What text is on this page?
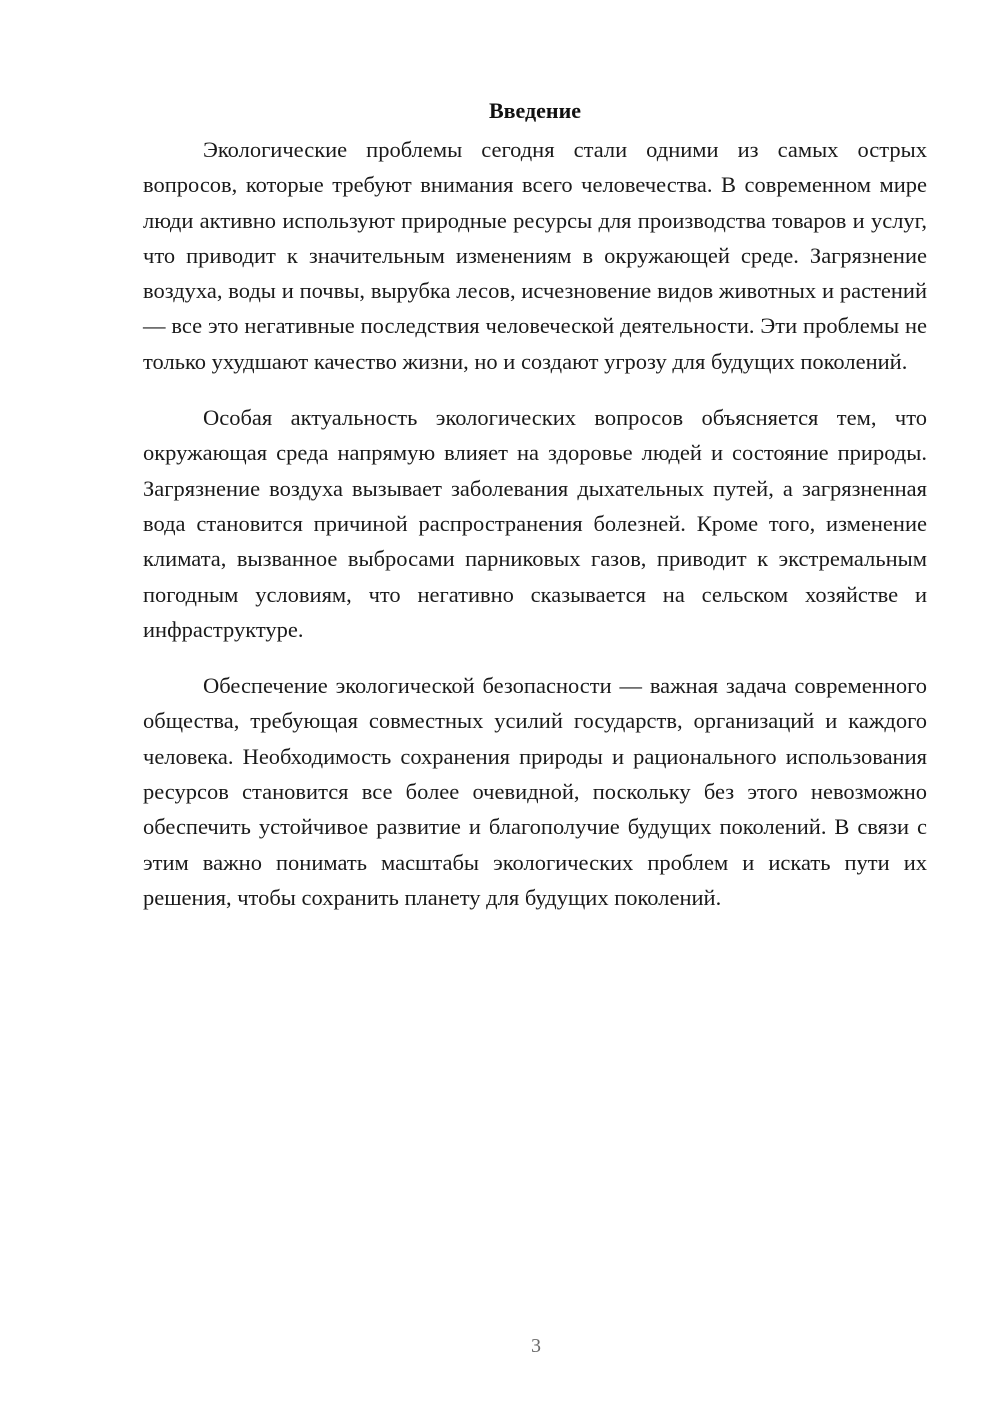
Введение

Экологические проблемы сегодня стали одними из самых острых вопросов, которые требуют внимания всего человечества. В современном мире люди активно используют природные ресурсы для производства товаров и услуг, что приводит к значительным изменениям в окружающей среде. Загрязнение воздуха, воды и почвы, вырубка лесов, исчезновение видов животных и растений — все это негативные последствия человеческой деятельности. Эти проблемы не только ухудшают качество жизни, но и создают угрозу для будущих поколений.

Особая актуальность экологических вопросов объясняется тем, что окружающая среда напрямую влияет на здоровье людей и состояние природы. Загрязнение воздуха вызывает заболевания дыхательных путей, а загрязненная вода становится причиной распространения болезней. Кроме того, изменение климата, вызванное выбросами парниковых газов, приводит к экстремальным погодным условиям, что негативно сказывается на сельском хозяйстве и инфраструктуре.

Обеспечение экологической безопасности — важная задача современного общества, требующая совместных усилий государств, организаций и каждого человека. Необходимость сохранения природы и рационального использования ресурсов становится все более очевидной, поскольку без этого невозможно обеспечить устойчивое развитие и благополучие будущих поколений. В связи с этим важно понимать масштабы экологических проблем и искать пути их решения, чтобы сохранить планету для будущих поколений.

3
